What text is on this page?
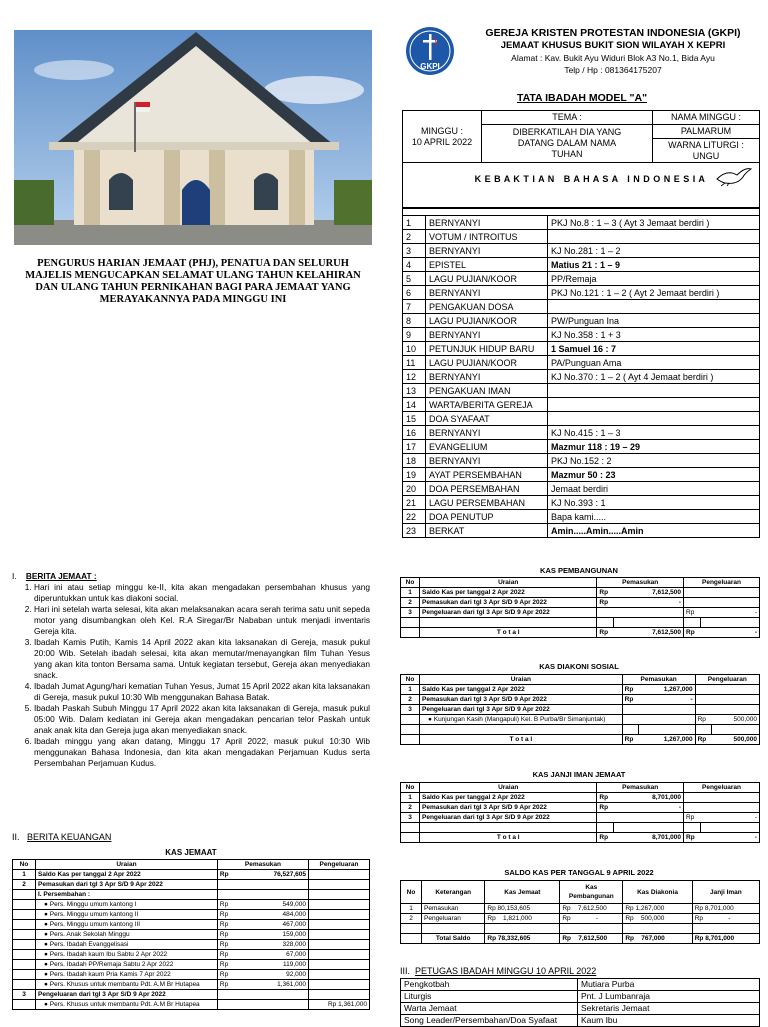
PENGURUS HARIAN JEMAAT (PHJ), PENATUA DAN SELURUH MAJELIS MENGUCAPKAN SELAMAT ULANG TAHUN KELAHIRAN DAN ULANG TAHUN PERNIKAHAN BAGI PARA JEMAAT YANG MERAYAKANNYA PADA MINGGU INI
GKPI
GEREJA KRISTEN PROTESTAN INDONESIA (GKPI)
JEMAAT KHUSUS BUKIT SION WILAYAH X KEPRI
Alamat : Kav. Bukit Ayu Widuri Blok A3 No.1, Bida Ayu
Telp / Hp : 081364175207
TATA IBADAH MODEL "A"
MINGGU :
10 APRIL 2022	TEMA :	NAMA MINGGU :
	DIBERKATILAH DIA YANG DATANG DALAM NAMA TUHAN	PALMARUM

		WARNA LITURGI :
UNGU

K E B A K T I A N   B A H A S A   I N D O N E S I A		

1	BERNYANYI	PKJ No.8 : 1 – 3 ( Ayt 3 Jemaat berdiri )
2	VOTUM / INTROITUS	
3	BERNYANYI	KJ No.281 : 1 – 2
4	EPISTEL	Matius 21 : 1 – 9
5	LAGU PUJIAN/KOOR	PP/Remaja
6	BERNYANYI	PKJ No.121 : 1 – 2 ( Ayt 2 Jemaat berdiri )
7	PENGAKUAN DOSA	
8	LAGU PUJIAN/KOOR	PW/Punguan Ina
9	BERNYANYI	KJ No.358 : 1 + 3
10	PETUNJUK HIDUP BARU	1 Samuel 16 : 7
11	LAGU PUJIAN/KOOR	PA/Punguan Ama
12	BERNYANYI	KJ No.370 : 1 – 2 ( Ayt 4 Jemaat berdiri )
13	PENGAKUAN IMAN	
14	WARTA/BERITA GEREJA	
15	DOA SYAFAAT	
16	BERNYANYI	KJ No.415 : 1 – 3
17	EVANGELIUM	Mazmur 118 : 19 – 29
18	BERNYANYI	PKJ No.152 : 2
19	AYAT PERSEMBAHAN	Mazmur 50 : 23
20	DOA PERSEMBAHAN	Jemaat berdiri
21	LAGU PERSEMBAHAN	KJ No.393 : 1
22	DOA PENUTUP	Bapa kami.....
23	BERKAT	Amin.....Amin.....Amin
I. BERITA JEMAAT :
1. Hari ini atau setiap minggu ke-II, kita akan mengadakan persembahan khusus yang diperuntukkan untuk kas diakoni social.
2. Hari ini setelah warta selesai, kita akan melaksanakan acara serah terima satu unit sepeda motor yang disumbangkan oleh Kel. R.A Siregar/Br Nababan untuk menjadi inventaris Gereja kita.
3. Ibadah Kamis Putih, Kamis 14 April 2022 akan kita laksanakan di Gereja, masuk pukul 20:00 Wib. Setelah ibadah selesai, kita akan memutar/menayangkan film Tuhan Yesus yang akan kita tonton Bersama sama. Untuk kegiatan tersebut, Gereja akan menyediakan snack.
4. Ibadah Jumat Agung/hari kematian Tuhan Yesus, Jumat 15 April 2022 akan kita laksanakan di Gereja, masuk pukul 10:30 Wib menggunakan Bahasa Batak.
5. Ibadah Paskah Subuh Minggu 17 April 2022 akan kita laksanakan di Gereja, masuk pukul 05:00 Wib. Dalam kediatan ini Gereja akan mengadakan pencarian telor Paskah untuk anak anak kita dan Gereja juga akan menyediakan snack.
6. Ibadah minggu yang akan datang, Minggu 17 April 2022, masuk pukul 10:30 Wib menggunakan Bahasa Indonesia, dan kita akan mengadakan Perjamuan Kudus serta Persembahan Perjamuan Kudus.
II. BERITA KEUANGAN
KAS JEMAAT
No	Uraian	Pemasukan		Pengeluaran
1	Saldo Kas per tanggal 2 Apr 2022	Rp	76,527,605	
2	Pemasukan dari tgl 3 Apr S/D 9 Apr 2022			
	I. Persembahan :			
	● Pers. Minggu umum kantong I	Rp	549,000	
	● Pers. Minggu umum kantong II	Rp	484,000	
	● Pers. Minggu umum kantong III	Rp	467,000	
	● Pers. Anak Sekolah Minggu	Rp	159,000	
	● Pers. Ibadah Evanggelisasi	Rp	328,000	
	● Pers. Ibadah kaum Ibu Sabtu 2 Apr 2022	Rp	67,000	
	● Pers. Ibadah PP/Remaja Sabtu 2 Apr 2022	Rp	119,000	
	● Pers. Ibadah kaum Pria Kamis 7 Apr 2022	Rp	92,000	
	● Pers. Khusus untuk membantu Pdt. A.M Br Hutapea	Rp	1,361,000	
3	Pengeluaran dari tgl 3 Apr S/D 9 Apr 2022			
	● Pers. Khusus untuk membantu Pdt. A.M Br Hutapea			Rp 1,361,000
KAS PEMBANGUNAN
No	Uraian	Pemasukan		Pengeluaran	
1	Saldo Kas per tanggal 2 Apr 2022	Rp	7,612,500		
2	Pemasukan dari tgl 3 Apr S/D 9 Apr 2022	Rp	-		
3	Pengeluaran dari tgl 3 Apr S/D 9 Apr 2022			Rp	-

	T o t a l	Rp	7,612,500	Rp	-
KAS DIAKONI SOSIAL
No	Uraian	Pemasukan		Pengeluaran	
1	Saldo Kas per tanggal 2 Apr 2022	Rp	1,267,000		
2	Pemasukan dari tgl 3 Apr S/D 9 Apr 2022	Rp	-		
3	Pengeluaran dari tgl 3 Apr S/D 9 Apr 2022				
	● Kunjungan Kasih (Mangapuli) Kel. B Purba/Br Simanjuntak)			Rp	500,000

	T o t a l	Rp	1,267,000	Rp	500,000
KAS JANJI IMAN JEMAAT
No	Uraian	Pemasukan		Pengeluaran	
1	Saldo Kas per tanggal 2 Apr 2022	Rp	8,701,000		
2	Pemasukan dari tgl 3 Apr S/D 9 Apr 2022	Rp	-		
3	Pengeluaran dari tgl 3 Apr S/D 9 Apr 2022			Rp	-

	T o t a l	Rp	8,701,000	Rp	-
SALDO KAS PER TANGGAL 9 APRIL 2022
No	Keterangan	Kas Jemaat	Kas Pembangunan	Kas Diakonia	Janji Iman
1	Pemasukan	Rp 80,153,605	Rp    7,612,500	Rp 1,267,000	Rp 8,701,000
2	Pengeluaran	Rp    1,821,000	Rp              -	Rp    500,000	Rp              -

	Total Saldo	Rp 78,332,605	Rp    7,612,500	Rp    767,000	Rp 8,701,000
III. PETUGAS IBADAH MINGGU 10 APRIL 2022
Pengkotbah	Mutiara Purba
Liturgis	Pnt. J Lumbanraja
Warta Jemaat	Sekretaris Jemaat
Song Leader/Persembahan/Doa Syafaat	Kaum Ibu
